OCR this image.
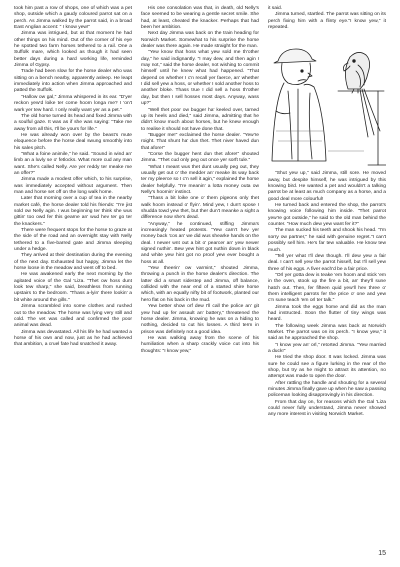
took him past a row of shops, one of which was a pet shop, outside which a gaudy coloured parrot sat on a perch. As Jimma walked by the parrot said, in a broad East Anglian accent: " I know yew!"

Jimma was intrigued, but at that moment he had other things on his mind. Out of the corner of his eye he spotted two farm horses tethered to a rail. One a Suffolk mare, which looked as though it had seen better days during a hard working life, reminded Jimma of Gypsy.

Trade had been slow for the horse dealer who was sitting on a bench nearby, apparently asleep. He leapt immediately into action when Jimma approached and patted the Suffolk.

"Hallow ow gal," Jimma whispered in its ear. "D'yer reckon yew'd loike ter come hoom longa me? I 'on't wark yer tew hard. I only really want yer as a pet."

The old horse turned its head and fixed Jimma with a soulful gaze. It was as if she was saying: "Take me away from all this, I'll be yours for life."

He was already won over by the beast's mute eloquence before the horse deal swung smoothly into his sales pitch.

"What a foine animile," he said. "Sound in wind an' limb an a luvly se o' fetlocks. What more cud any man want. She's called Nelly. Are yer reddy ter meake me an offer?"

Jimma made a modest offer which, to his surprise, was immediately accepted without argument. Then man and horse set off on the long walk home.

Later that morning over a cup of tea in the nearby market café, the horse dealer told his friends: "I're jist sold ow Nelly agin. I wus beginning ter think she wus gittin' too owd fer this gearne an' wud hev ter go ter the knackers."

There were frequent stops for the horse to graze at the side of the road and an overnight stay with Nelly tethered to a five-barred gate and Jimma sleeping under a hedge.

They arrived at their destination during the evening of the next day. Exhausted but happy, Jimma let the horse loose in the meadow and went off to bed.

He was awakened early the next morning by the agitated voice of the Gal 'Liza. "Thet ow hoss dunt look tew sharp," she said, breathless from running upstairs to the bedroom. "Thass a-lyin' there lookin' a bit white around the gills."

Jimma scrambled into some clothes and rushed out to the meadow. The horse was lying very still and cold. The vet was called and confirmed the poor animal was dead.

Jimma was devastated. All his life he had wanted a horse of his own and now, just as he had achieved that ambition, a cruel fate had snatched it away.

His one consolation was that, in death, old Nelly's face seemed to be wearing a gentle secret smile. She had, at least, cheated the knacker. Perhaps that had been her ambition.

Next day Jimma was back on the train heading for Norwich Market. Somewhat to his surprise the horse dealer was there again. He made straight for the man.

"Yew know that hoss what yew sold me th'other day," he said indignantly. "I may dew, and then agin I may not," said the horse dealer, not wishing to commit himself until he knew what had happened. "That depend on whether I c'n recall yer faerce, an' whether I did sell yew a hoss, or whether I sold another hoss to another bloke. Thass true I did sell a hoss th'other day, but then I sell hosses most days. Anyway, wass up?"

"Well thet poor ow bugger ha' keeled over, tarned up its heels and died," said Jimma, admitting that he didn't know much about horses, but he knew enough to realise it should not have done that.

"Bugger me!" exclaimed the horse dealer. "Yew're roight. That shunt ha' dun thet. Thet niver haved dun that afore!"

"Corse the bugger hent dun thet afore!" shouted Jimma. "Thet cud only peg out once yer sorft tule."

"What I meant wus thet dunt usually peg out, they usually get out o' the medder an' meake its way back ter my pleerce so I c'n sell it agin," explained the horse dealer helpfully. "I're meanin' a lotta money outa ow Nelly's hoomin' instinct.

"Thass a bit loike one o' them pigeons only thet walk hoom instead o' flyin'. Mind yew, I dun't spose I shudda towd yew thet, but ther dun't meanke a sight a difference now she's dead.

"Anyway," he continued, stiffing Jimma's increasingly heated protests. "Yew carn't hev yer money back 'cos an' we did wus shearke hands on the deal. I newer wnt out a bit o' pearcer an' yew newer signed nuthin'. Bew yew hint got nuthin down in black and white yew hint got no proof yew ever bought a hoss at all.

"Yew theerin' ow varmint," shouted Jimma, throwing a punch in the horse dealer's direction. The latter did a smart sidestep and Jimma, off balance, collided with the near end of a started shire horse which, with an equally nifty bit of footwork, planted our hero flat on his back in the mud.

Yew better show orf dew I'll call the police an' git yew had up fer assault an' battery," threatened the horse dealer. Jimma, knowing he was on a hiding to nothing, decided to cut his losses. A third term in prison was definitely not a good idea.

He was walking away from the scene of his humiliation when a sharp crackly voice cut into his thoughts: "I know yew,"

it said.

Jimma turned, startled. The parrot was sitting on its perch fixing him with a flinty eye."I know yew," it repeated.

"Shut yew up," said Jimma, still sore. He moved away, but despite himself, he was intrigued by this knowing bird. He wanted a pet and wouldn't a talking parrot be at least as much company as a horse, and a good deal more colourful!

He turned back and entered the shop, the parrot's knowing voice following him inside. "Thet parrot yew're got outside," he said to the old man behind the counter. "How much dew yew want fer it?"

The man sucked his teeth and shook his head. "I'm sorry ow partner," he said with genuine regret."I can't possibly sell him. He's far tew valuable. He know tew much.

"Tell yer what I'll dew though. I'll dew yew a fair deal. I can't sell yew the parrot hisself, but I'll sell yew three of his eggs. A fiver each'd be a fair price.

"Orl yer gotta dew is teake 'em hoom and stick 'em in the oven, stook up the fire a bit, an' they'll sune hatch out. Then, fer fifteen quid yew'll hev three o' them intelligent parrots fer the price o' one and yew c'n sune teach 'em orl ter talk."

Jimma took the eggs home and did as the man had instructed. Soon the flutter of tiny wings was heard.

The following week Jimma was back at Norwich Market. The parrot was on its perch. "I know yew," it said as he approached the shop.

"I know yew an' orl," retorted Jimma. "Yew married a duck!"

He tried the shop door. It was locked. Jimma was sure he could see a figure lurking in the rear of the shop, but try as he might to attract its attention, no attempt was made to open the door.

After rattling the handle and shouting for a several minutes Jimma finally gave up when he saw a passing policeman looking disapprovingly in his direction.

From that day on, for reasons which the Gal 'Liza could never fully understand, Jimma never showed any more interest in visiting Norwich Market.

15
